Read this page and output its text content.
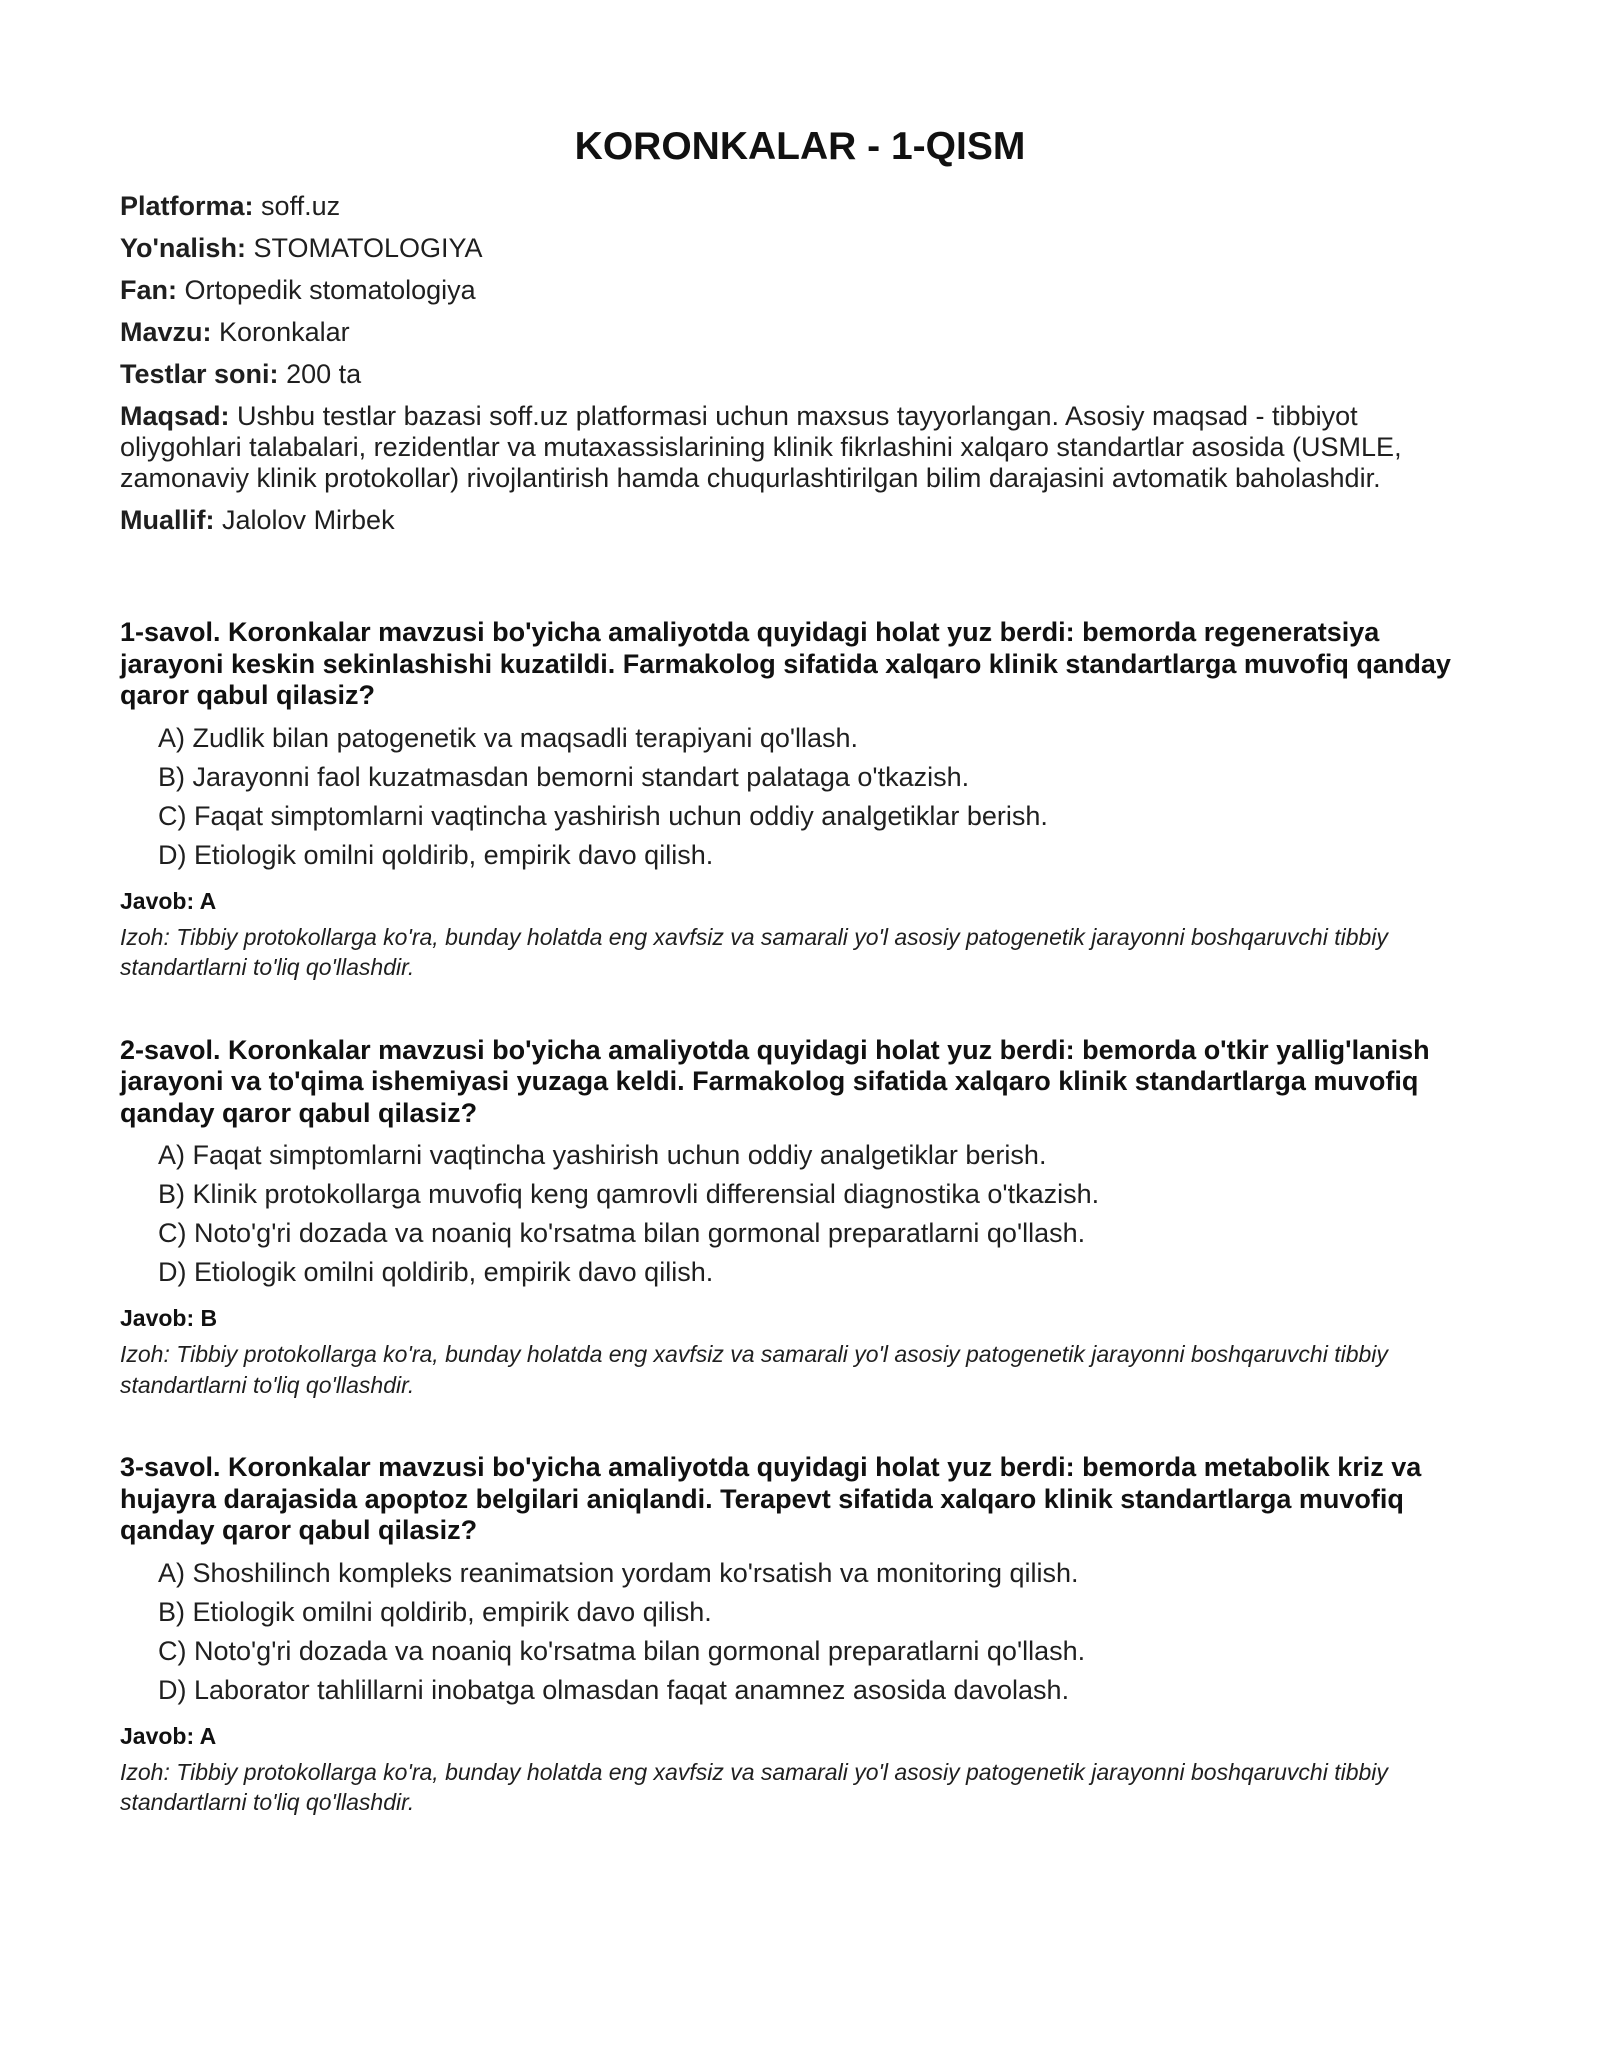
KORONKALAR - 1-QISM
Platforma: soff.uz
Yo'nalish: STOMATOLOGIYA
Fan: Ortopedik stomatologiya
Mavzu: Koronkalar
Testlar soni: 200 ta
Maqsad: Ushbu testlar bazasi soff.uz platformasi uchun maxsus tayyorlangan. Asosiy maqsad - tibbiyot oliygohlari talabalari, rezidentlar va mutaxassislarining klinik fikrlashini xalqaro standartlar asosida (USMLE, zamonaviy klinik protokollar) rivojlantirish hamda chuqurlashtirilgan bilim darajasini avtomatik baholashdir.
Muallif: Jalolov Mirbek

1-savol. Koronkalar mavzusi bo'yicha amaliyotda quyidagi holat yuz berdi: bemorda regeneratsiya jarayoni keskin sekinlashishi kuzatildi. Farmakolog sifatida xalqaro klinik standartlarga muvofiq qanday qaror qabul qilasiz?

A) Zudlik bilan patogenetik va maqsadli terapiyani qo'llash.
B) Jarayonni faol kuzatmasdan bemorni standart palataga o'tkazish.
C) Faqat simptomlarni vaqtincha yashirish uchun oddiy analgetiklar berish.
D) Etiologik omilni qoldirib, empirik davo qilish.
Javob: A
Izoh: Tibbiy protokollarga ko'ra, bunday holatda eng xavfsiz va samarali yo'l asosiy patogenetik jarayonni boshqaruvchi tibbiy standartlarni to'liq qo'llashdir.

2-savol. Koronkalar mavzusi bo'yicha amaliyotda quyidagi holat yuz berdi: bemorda o'tkir yallig'lanish jarayoni va to'qima ishemiyasi yuzaga keldi. Farmakolog sifatida xalqaro klinik standartlarga muvofiq qanday qaror qabul qilasiz?

A) Faqat simptomlarni vaqtincha yashirish uchun oddiy analgetiklar berish.
B) Klinik protokollarga muvofiq keng qamrovli differensial diagnostika o'tkazish.
C) Noto'g'ri dozada va noaniq ko'rsatma bilan gormonal preparatlarni qo'llash.
D) Etiologik omilni qoldirib, empirik davo qilish.
Javob: B
Izoh: Tibbiy protokollarga ko'ra, bunday holatda eng xavfsiz va samarali yo'l asosiy patogenetik jarayonni boshqaruvchi tibbiy standartlarni to'liq qo'llashdir.

3-savol. Koronkalar mavzusi bo'yicha amaliyotda quyidagi holat yuz berdi: bemorda metabolik kriz va hujayra darajasida apoptoz belgilari aniqlandi. Terapevt sifatida xalqaro klinik standartlarga muvofiq qanday qaror qabul qilasiz?

A) Shoshilinch kompleks reanimatsion yordam ko'rsatish va monitoring qilish.
B) Etiologik omilni qoldirib, empirik davo qilish.
C) Noto'g'ri dozada va noaniq ko'rsatma bilan gormonal preparatlarni qo'llash.
D) Laborator tahlillarni inobatga olmasdan faqat anamnez asosida davolash.
Javob: A
Izoh: Tibbiy protokollarga ko'ra, bunday holatda eng xavfsiz va samarali yo'l asosiy patogenetik jarayonni boshqaruvchi tibbiy standartlarni to'liq qo'llashdir.
